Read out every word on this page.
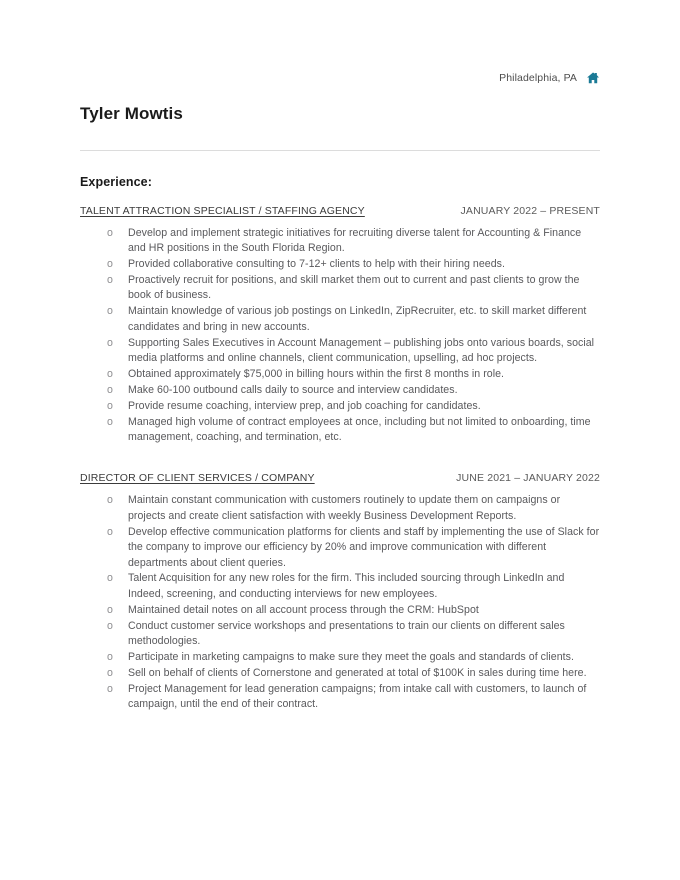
Philadelphia, PA
Tyler Mowtis
Experience:
TALENT ATTRACTION SPECIALIST / STAFFING AGENCY	JANUARY 2022 – PRESENT
o	Develop and implement strategic initiatives for recruiting diverse talent for Accounting & Finance and HR positions in the South Florida Region.
o	Provided collaborative consulting to 7-12+ clients to help with their hiring needs.
o	Proactively recruit for positions, and skill market them out to current and past clients to grow the book of business.
o	Maintain knowledge of various job postings on LinkedIn, ZipRecruiter, etc. to skill market different candidates and bring in new accounts.
o	Supporting Sales Executives in Account Management – publishing jobs onto various boards, social media platforms and online channels, client communication, upselling, ad hoc projects.
o	Obtained approximately $75,000 in billing hours within the first 8 months in role.
o	Make 60-100 outbound calls daily to source and interview candidates.
o	Provide resume coaching, interview prep, and job coaching for candidates.
o	Managed high volume of contract employees at once, including but not limited to onboarding, time management, coaching, and termination, etc.
DIRECTOR OF CLIENT SERVICES / COMPANY	JUNE 2021 – JANUARY 2022
o	Maintain constant communication with customers routinely to update them on campaigns or projects and create client satisfaction with weekly Business Development Reports.
o	Develop effective communication platforms for clients and staff by implementing the use of Slack for the company to improve our efficiency by 20% and improve communication with different departments about client queries.
o	Talent Acquisition for any new roles for the firm. This included sourcing through LinkedIn and Indeed, screening, and conducting interviews for new employees.
o	Maintained detail notes on all account process through the CRM: HubSpot
o	Conduct customer service workshops and presentations to train our clients on different sales methodologies.
o	Participate in marketing campaigns to make sure they meet the goals and standards of clients.
o	Sell on behalf of clients of Cornerstone and generated at total of $100K in sales during time here.
o	Project Management for lead generation campaigns; from intake call with customers, to launch of campaign, until the end of their contract.
